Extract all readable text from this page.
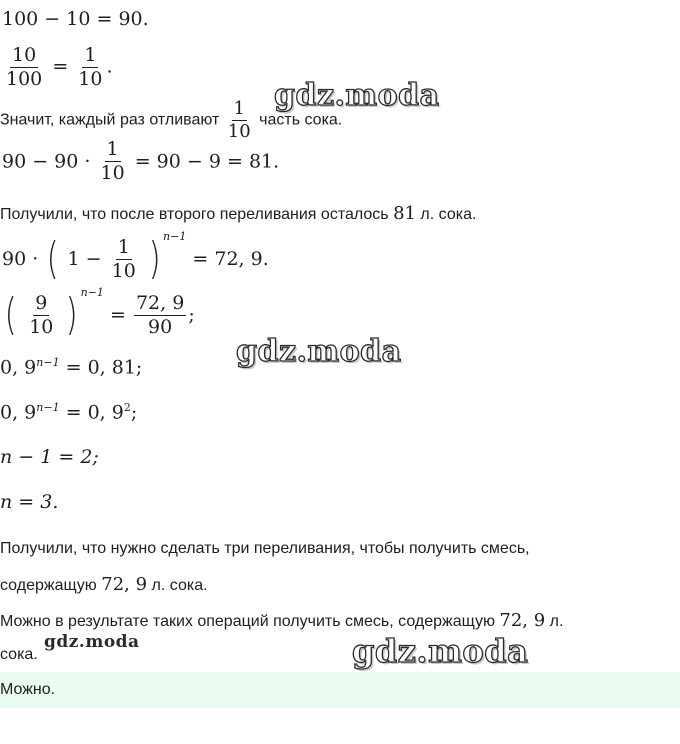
100 − 10 = 90.
$\frac{10}{100} = \frac{1}{10}$ .
gdz.moda
Значит, каждый раз отливают $\frac{1}{10}$ часть сока.
$90 - 90 \cdot \frac{1}{10} = 90 - 9 = 81$.
Получили, что после второго переливания осталось 81 л. сока.
90 · ( $1 - \frac{1}{10}$ ) $^{n-1}$ = 72, 9.
( $\frac{9}{10}$ ) $^{n-1} = \frac{72, 9}{90}$ ;
gdz.moda
0, $9^{n-1} = 0$, 81;
0, $9^{n-1} = 0$, $9^2$;
n − 1 = 2;
n = 3.
Получили, что нужно сделать три переливания, чтобы получить смесь,
содержащую 72, 9 л. сока.
Можно в результате таких операций получить смесь, содержащую 72, 9 л.
сока.
gdz.moda	gdz.moda
Можно.
